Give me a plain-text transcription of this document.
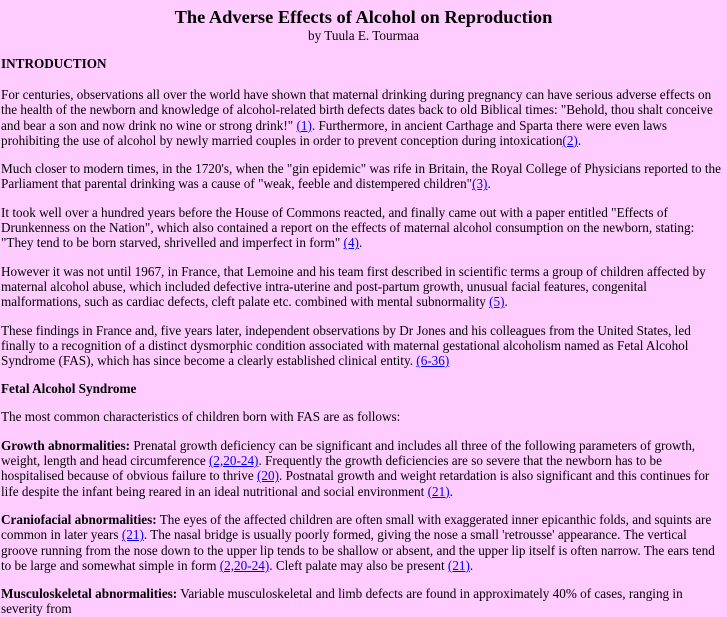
The Adverse Effects of Alcohol on Reproduction
by Tuula E. Tourmaa
INTRODUCTION

For centuries, observations all over the world have shown that maternal drinking during pregnancy can have serious adverse effects on the health of the newborn and knowledge of alcohol-related birth defects dates back to old Biblical times: "Behold, thou shalt conceive and bear a son and now drink no wine or strong drink!" (1). Furthermore, in ancient Carthage and Sparta there were even laws prohibiting the use of alcohol by newly married couples in order to prevent conception during intoxication(2).

Much closer to modern times, in the 1720's, when the "gin epidemic" was rife in Britain, the Royal College of Physicians reported to the Parliament that parental drinking was a cause of "weak, feeble and distempered children"(3).

It took well over a hundred years before the House of Commons reacted, and finally came out with a paper entitled "Effects of Drunkenness on the Nation", which also contained a report on the effects of maternal alcohol consumption on the newborn, stating: "They tend to be born starved, shrivelled and imperfect in form" (4).

However it was not until 1967, in France, that Lemoine and his team first described in scientific terms a group of children affected by maternal alcohol abuse, which included defective intra-uterine and post-partum growth, unusual facial features, congenital malformations, such as cardiac defects, cleft palate etc. combined with mental subnormality (5).

These findings in France and, five years later, independent observations by Dr Jones and his colleagues from the United States, led finally to a recognition of a distinct dysmorphic condition associated with maternal gestational alcoholism named as Fetal Alcohol Syndrome (FAS), which has since become a clearly established clinical entity. (6-36)

Fetal Alcohol Syndrome

The most common characteristics of children born with FAS are as follows:

Growth abnormalities: Prenatal growth deficiency can be significant and includes all three of the following parameters of growth, weight, length and head circumference (2,20-24). Frequently the growth deficiencies are so severe that the newborn has to be hospitalised because of obvious failure to thrive (20). Postnatal growth and weight retardation is also significant and this continues for life despite the infant being reared in an ideal nutritional and social environment (21).

Craniofacial abnormalities: The eyes of the affected children are often small with exaggerated inner epicanthic folds, and squints are common in later years (21). The nasal bridge is usually poorly formed, giving the nose a small 'retrousse' appearance. The vertical groove running from the nose down to the upper lip tends to be shallow or absent, and the upper lip itself is often narrow. The ears tend to be large and somewhat simple in form (2,20-24). Cleft palate may also be present (21).

Musculoskeletal abnormalities: Variable musculoskeletal and limb defects are found in approximately 40% of cases, ranging in severity from
